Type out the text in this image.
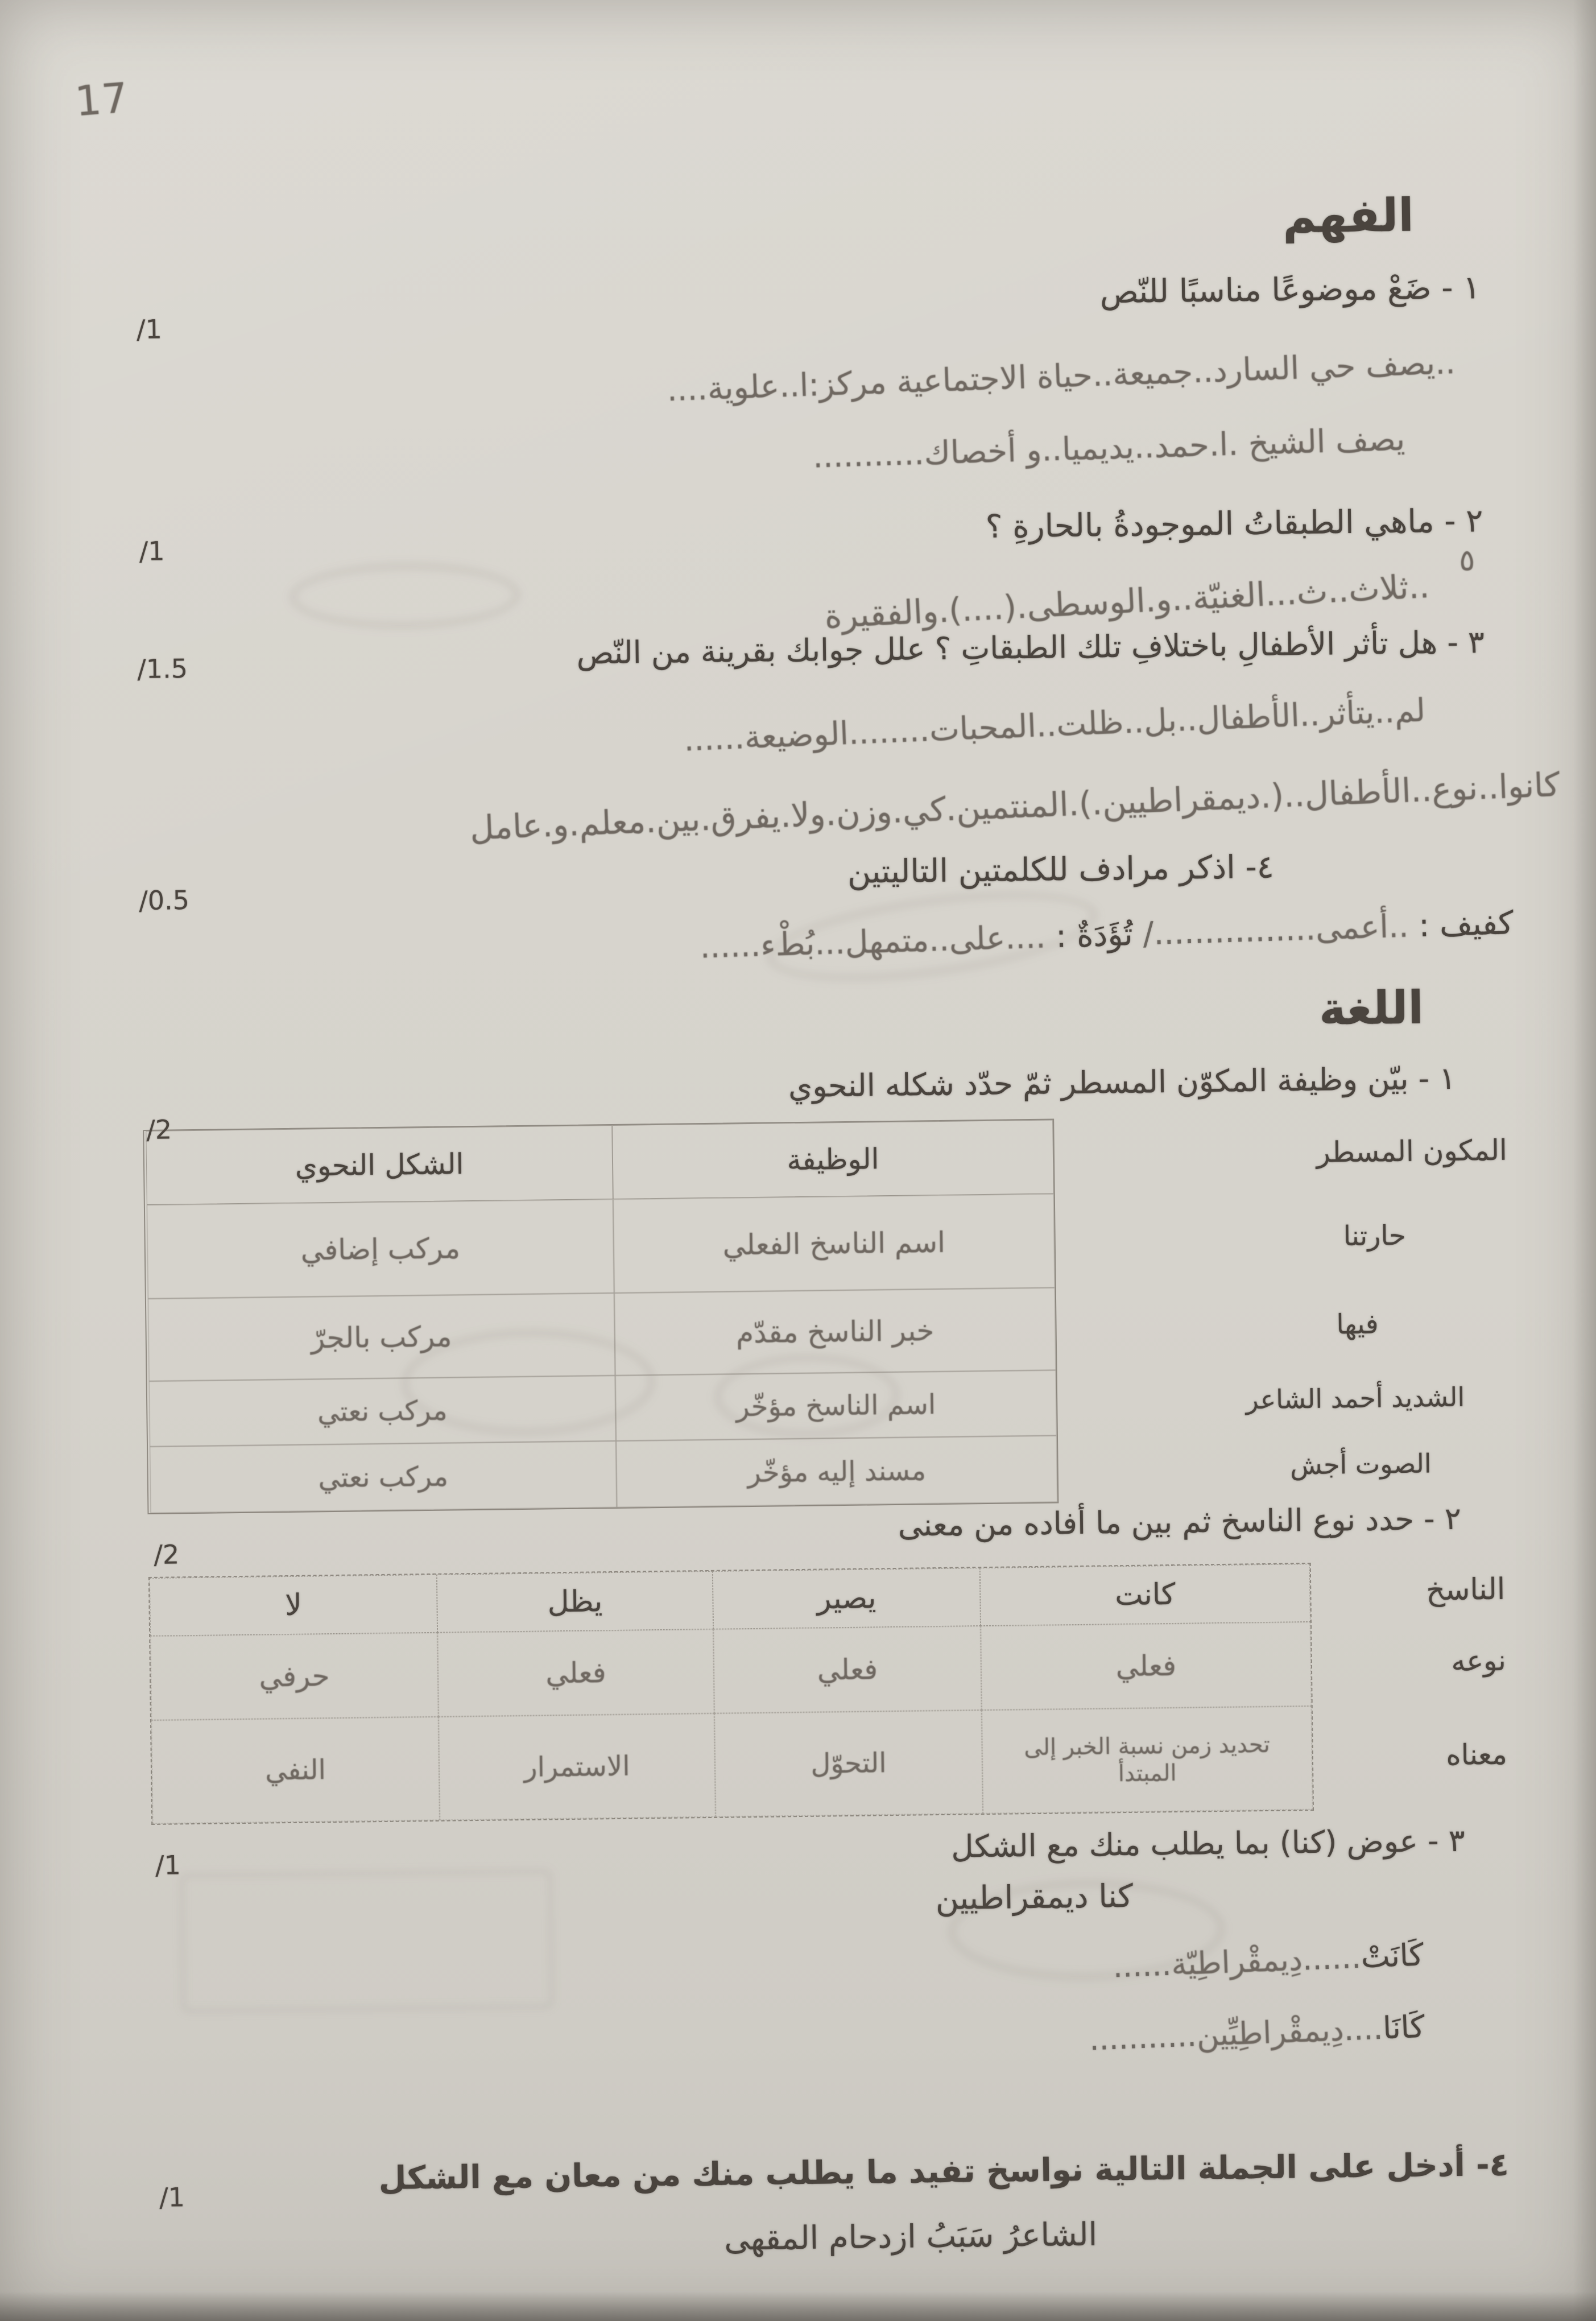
17
الفهم
١ - ضَعْ موضوعًا مناسبًا للنّص
/1
..يصف حي السارد..جميعة..حياة الاجتماعية مركز:ا..علوية....
يصف الشيخ .ا.حمد..يديميا..و أخصاك...........
٢ - ماهي الطبقاتُ الموجودةُ بالحارةِ ؟
/1	٥
..ثلاث..ث...الغنيّة..و.الوسطى.(....).والفقيرة
٣ - هل تأثر الأطفالِ باختلافِ تلك الطبقاتِ ؟ علل جوابك بقرينة من النّص
/1.5
لم..يتأثر..الأطفال..بل..ظلت..المحبات........الوضيعة......
كانوا..نوع..الأطفال..(.ديمقراطيين.).المنتمين.كي.وزن.ولا.يفرق.بين.معلم.و.عامل
٤- اذكر مرادف للكلمتين التاليتين
/0.5
كفيف : ..أعمى................/ تُؤَدَةٌ : ....على..متمهل...بُطْء......
اللغة
١ - بيّن وظيفة المكوّن المسطر ثمّ حدّد شكله النحوي
/2
الوظيفة
الشكل النحوي
اسم الناسخ الفعلي
مركب إضافي
خبر الناسخ مقدّم
مركب بالجرّ
اسم الناسخ مؤخّر
مركب نعتي
مسند إليه مؤخّر
مركب نعتي
المكون المسطر
حارتنا
فيها
الشديد أحمد الشاعر
الصوت أجش
٢ - حدد نوع الناسخ ثم بين ما أفاده من معنى
/2
كانت
يصير
يظل
لا
فعلي
فعلي
فعلي
حرفي
تحديد زمن نسبة الخبر إلى المبتدأ
التحوّل
الاستمرار
النفي
الناسخ
نوعه
معناه
٣ - عوض (كنا) بما يطلب منك مع الشكل
/1
كنا ديمقراطيين
كَانَتْ......دِيمقْراطِيّة......
كَانَا....دِيمقْراطِيِّين...........
٤- أدخل على الجملة التالية نواسخ تفيد ما يطلب منك من معان مع الشكل
/1
الشاعرُ سَبَبُ ازدحام المقهى
